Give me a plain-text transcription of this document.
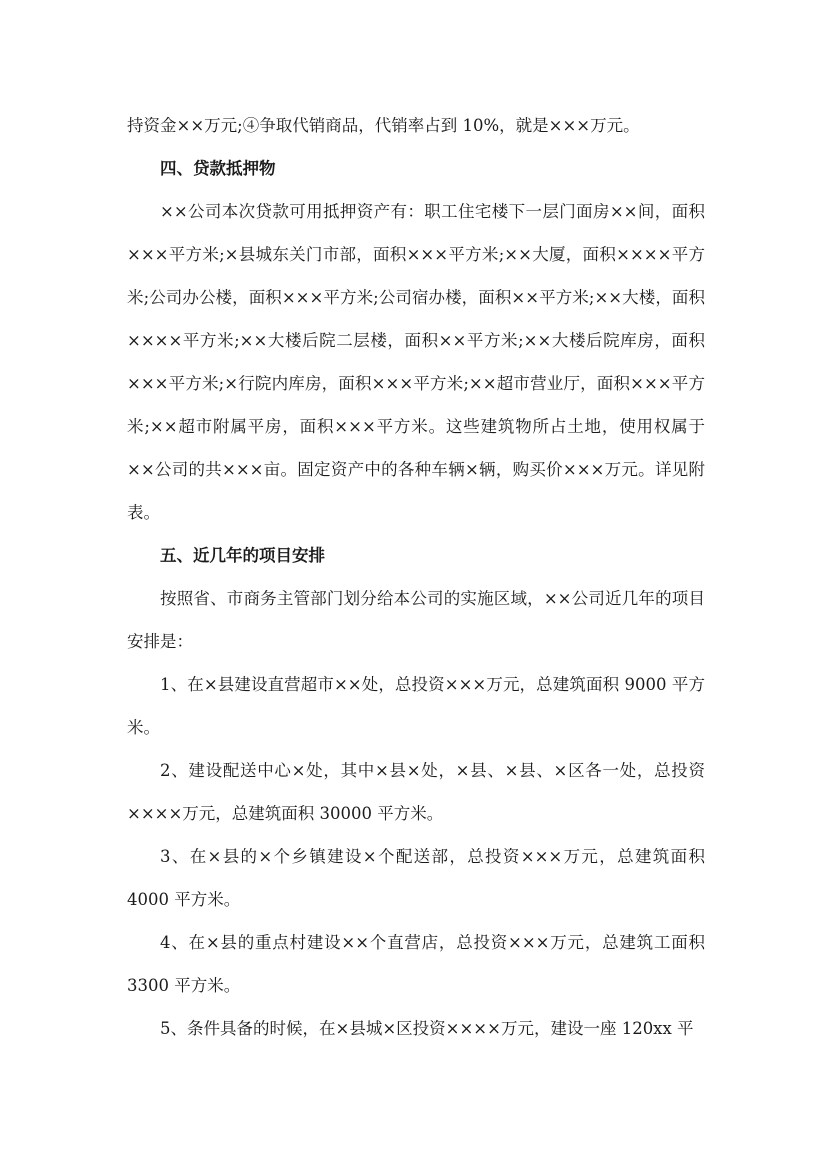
持资金××万元;④争取代销商品，代销率占到 10%，就是×××万元。

四、贷款抵押物

××公司本次贷款可用抵押资产有：职工住宅楼下一层门面房××间，面积×××平方米;×县城东关门市部，面积×××平方米;××大厦，面积××××平方米;公司办公楼，面积×××平方米;公司宿办楼，面积××平方米;××大楼，面积××××平方米;××大楼后院二层楼，面积××平方米;××大楼后院库房，面积×××平方米;×行院内库房，面积×××平方米;××超市营业厅，面积×××平方米;××超市附属平房，面积×××平方米。这些建筑物所占土地，使用权属于××公司的共×××亩。固定资产中的各种车辆×辆，购买价×××万元。详见附表。

五、近几年的项目安排

按照省、市商务主管部门划分给本公司的实施区域，××公司近几年的项目安排是：

1、在×县建设直营超市××处，总投资×××万元，总建筑面积 9000 平方米。

2、建设配送中心×处，其中×县×处，×县、×县、×区各一处，总投资××××万元，总建筑面积 30000 平方米。

3、在×县的×个乡镇建设×个配送部，总投资×××万元，总建筑面积 4000 平方米。

4、在×县的重点村建设××个直营店，总投资×××万元，总建筑工面积 3300 平方米。

5、条件具备的时候，在×县城×区投资××××万元，建设一座 120xx 平
